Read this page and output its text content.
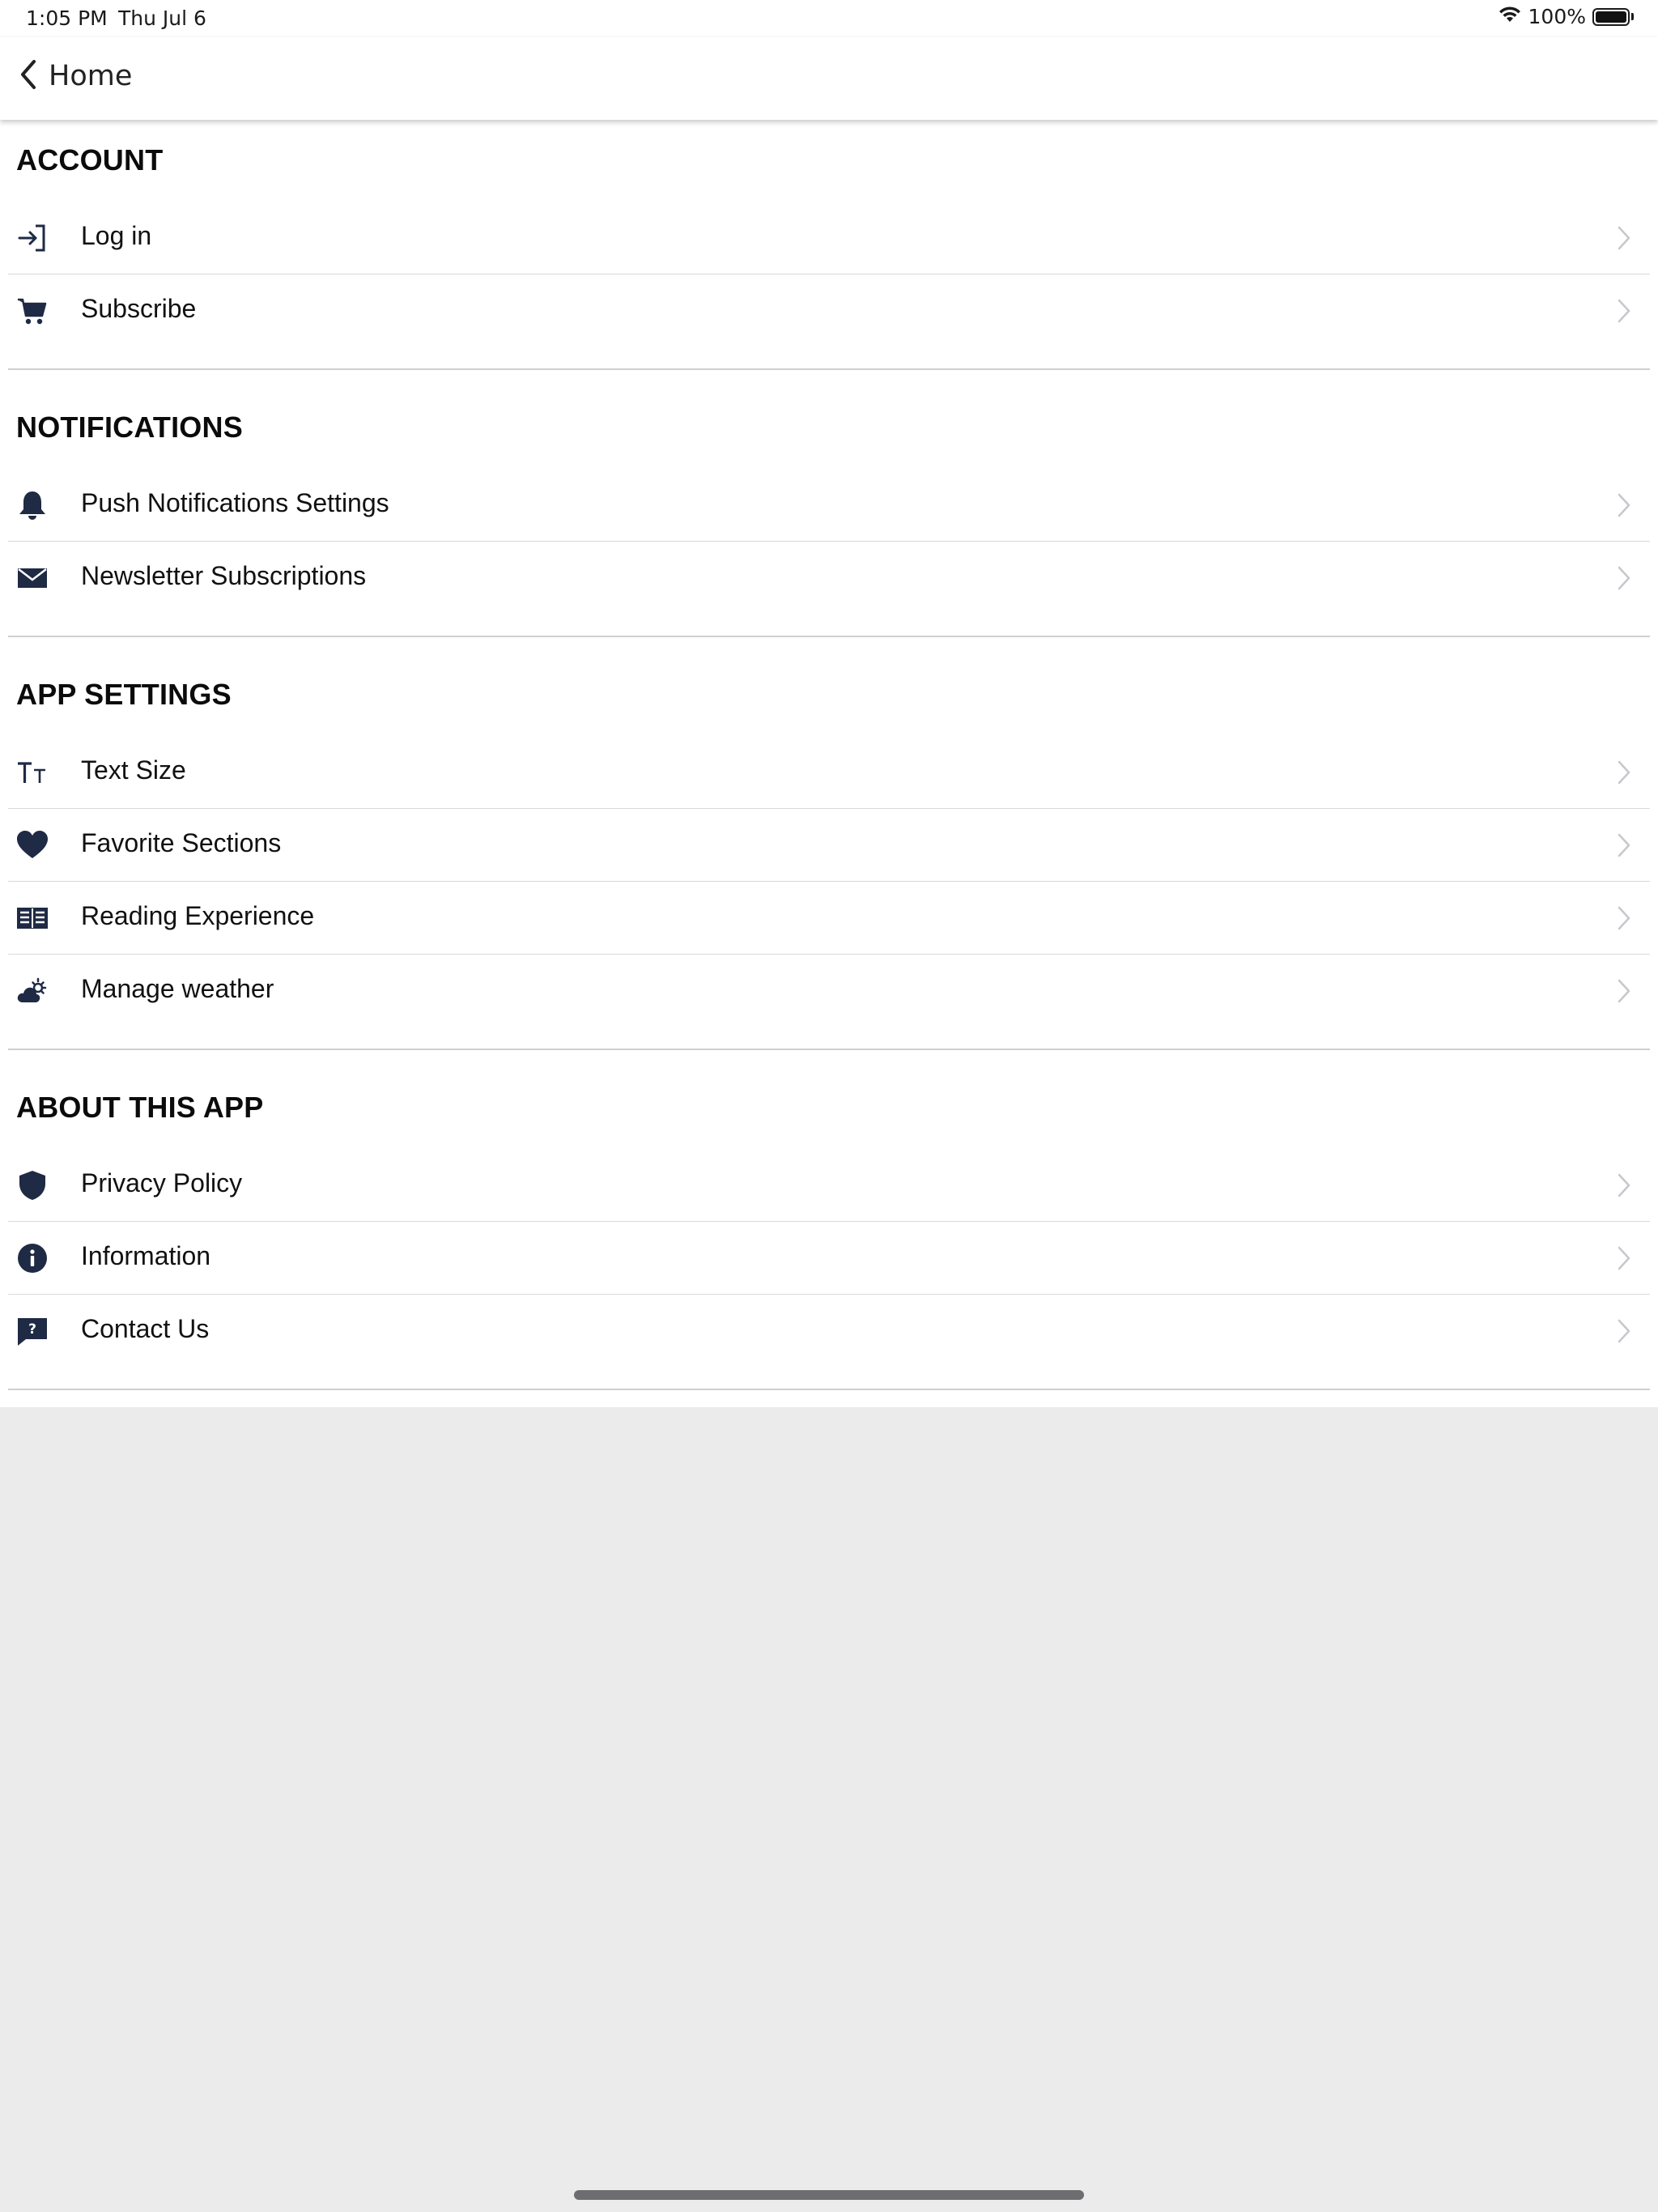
1:05 PM Thu Jul 6	100%
Home
ACCOUNT
Log in
Subscribe
NOTIFICATIONS
Push Notifications Settings
Newsletter Subscriptions
APP SETTINGS
Text Size
Favorite Sections
Reading Experience
Manage weather
ABOUT THIS APP
Privacy Policy
Information
? Contact Us
